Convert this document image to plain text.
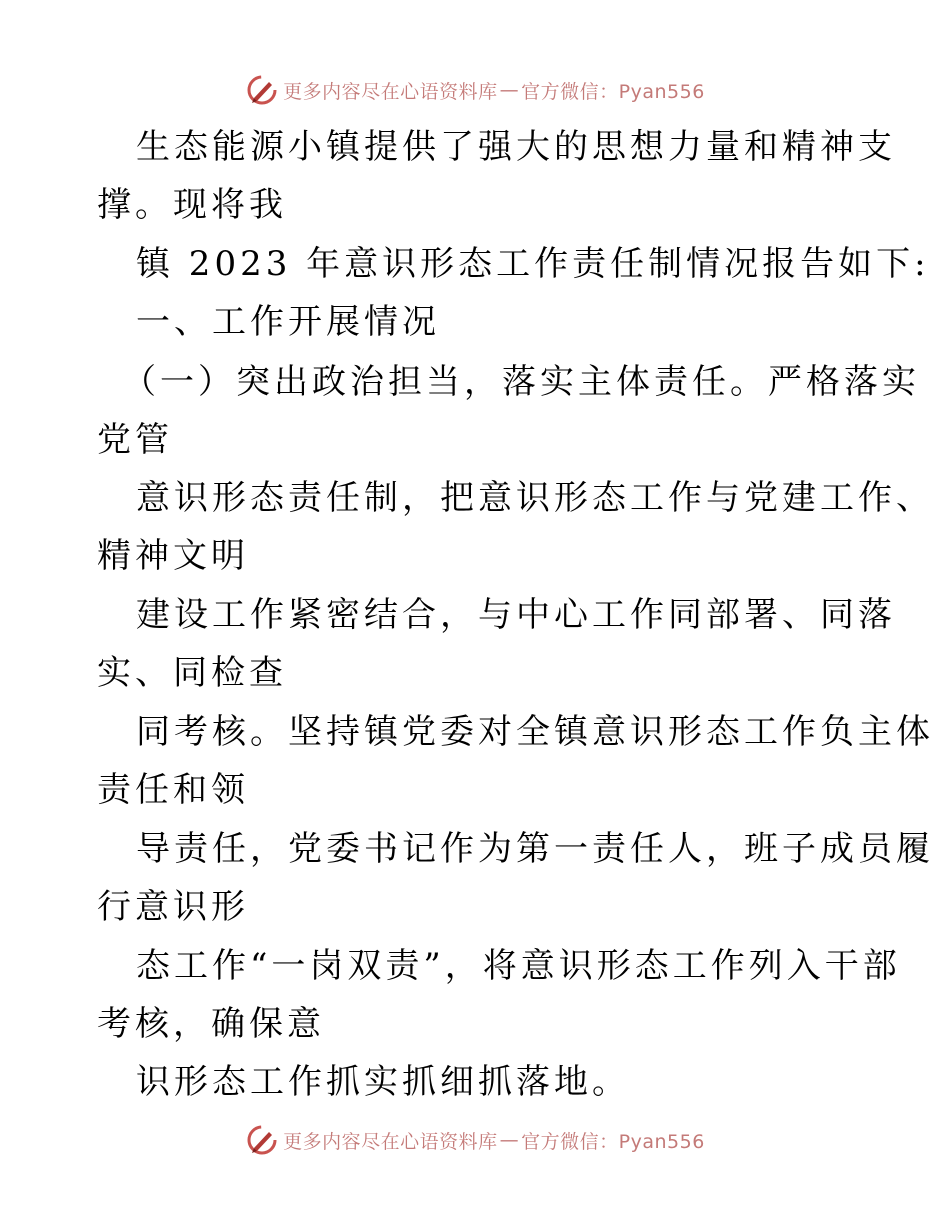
更多内容尽在心语资料库 — 官方微信：Pyan556
生态能源小镇提供了强大的思想力量和精神支
撑。现将我
镇 2023 年意识形态工作责任制情况报告如下:
一、工作开展情况
（一）突出政治担当，落实主体责任。严格落实
党管
意识形态责任制，把意识形态工作与党建工作、
精神文明
建设工作紧密结合，与中心工作同部署、同落
实、同检查
同考核。坚持镇党委对全镇意识形态工作负主体
责任和领
导责任，党委书记作为第一责任人，班子成员履
行意识形
态工作“一岗双责”，将意识形态工作列入干部
考核，确保意
识形态工作抓实抓细抓落地。
更多内容尽在心语资料库 — 官方微信：Pyan556
